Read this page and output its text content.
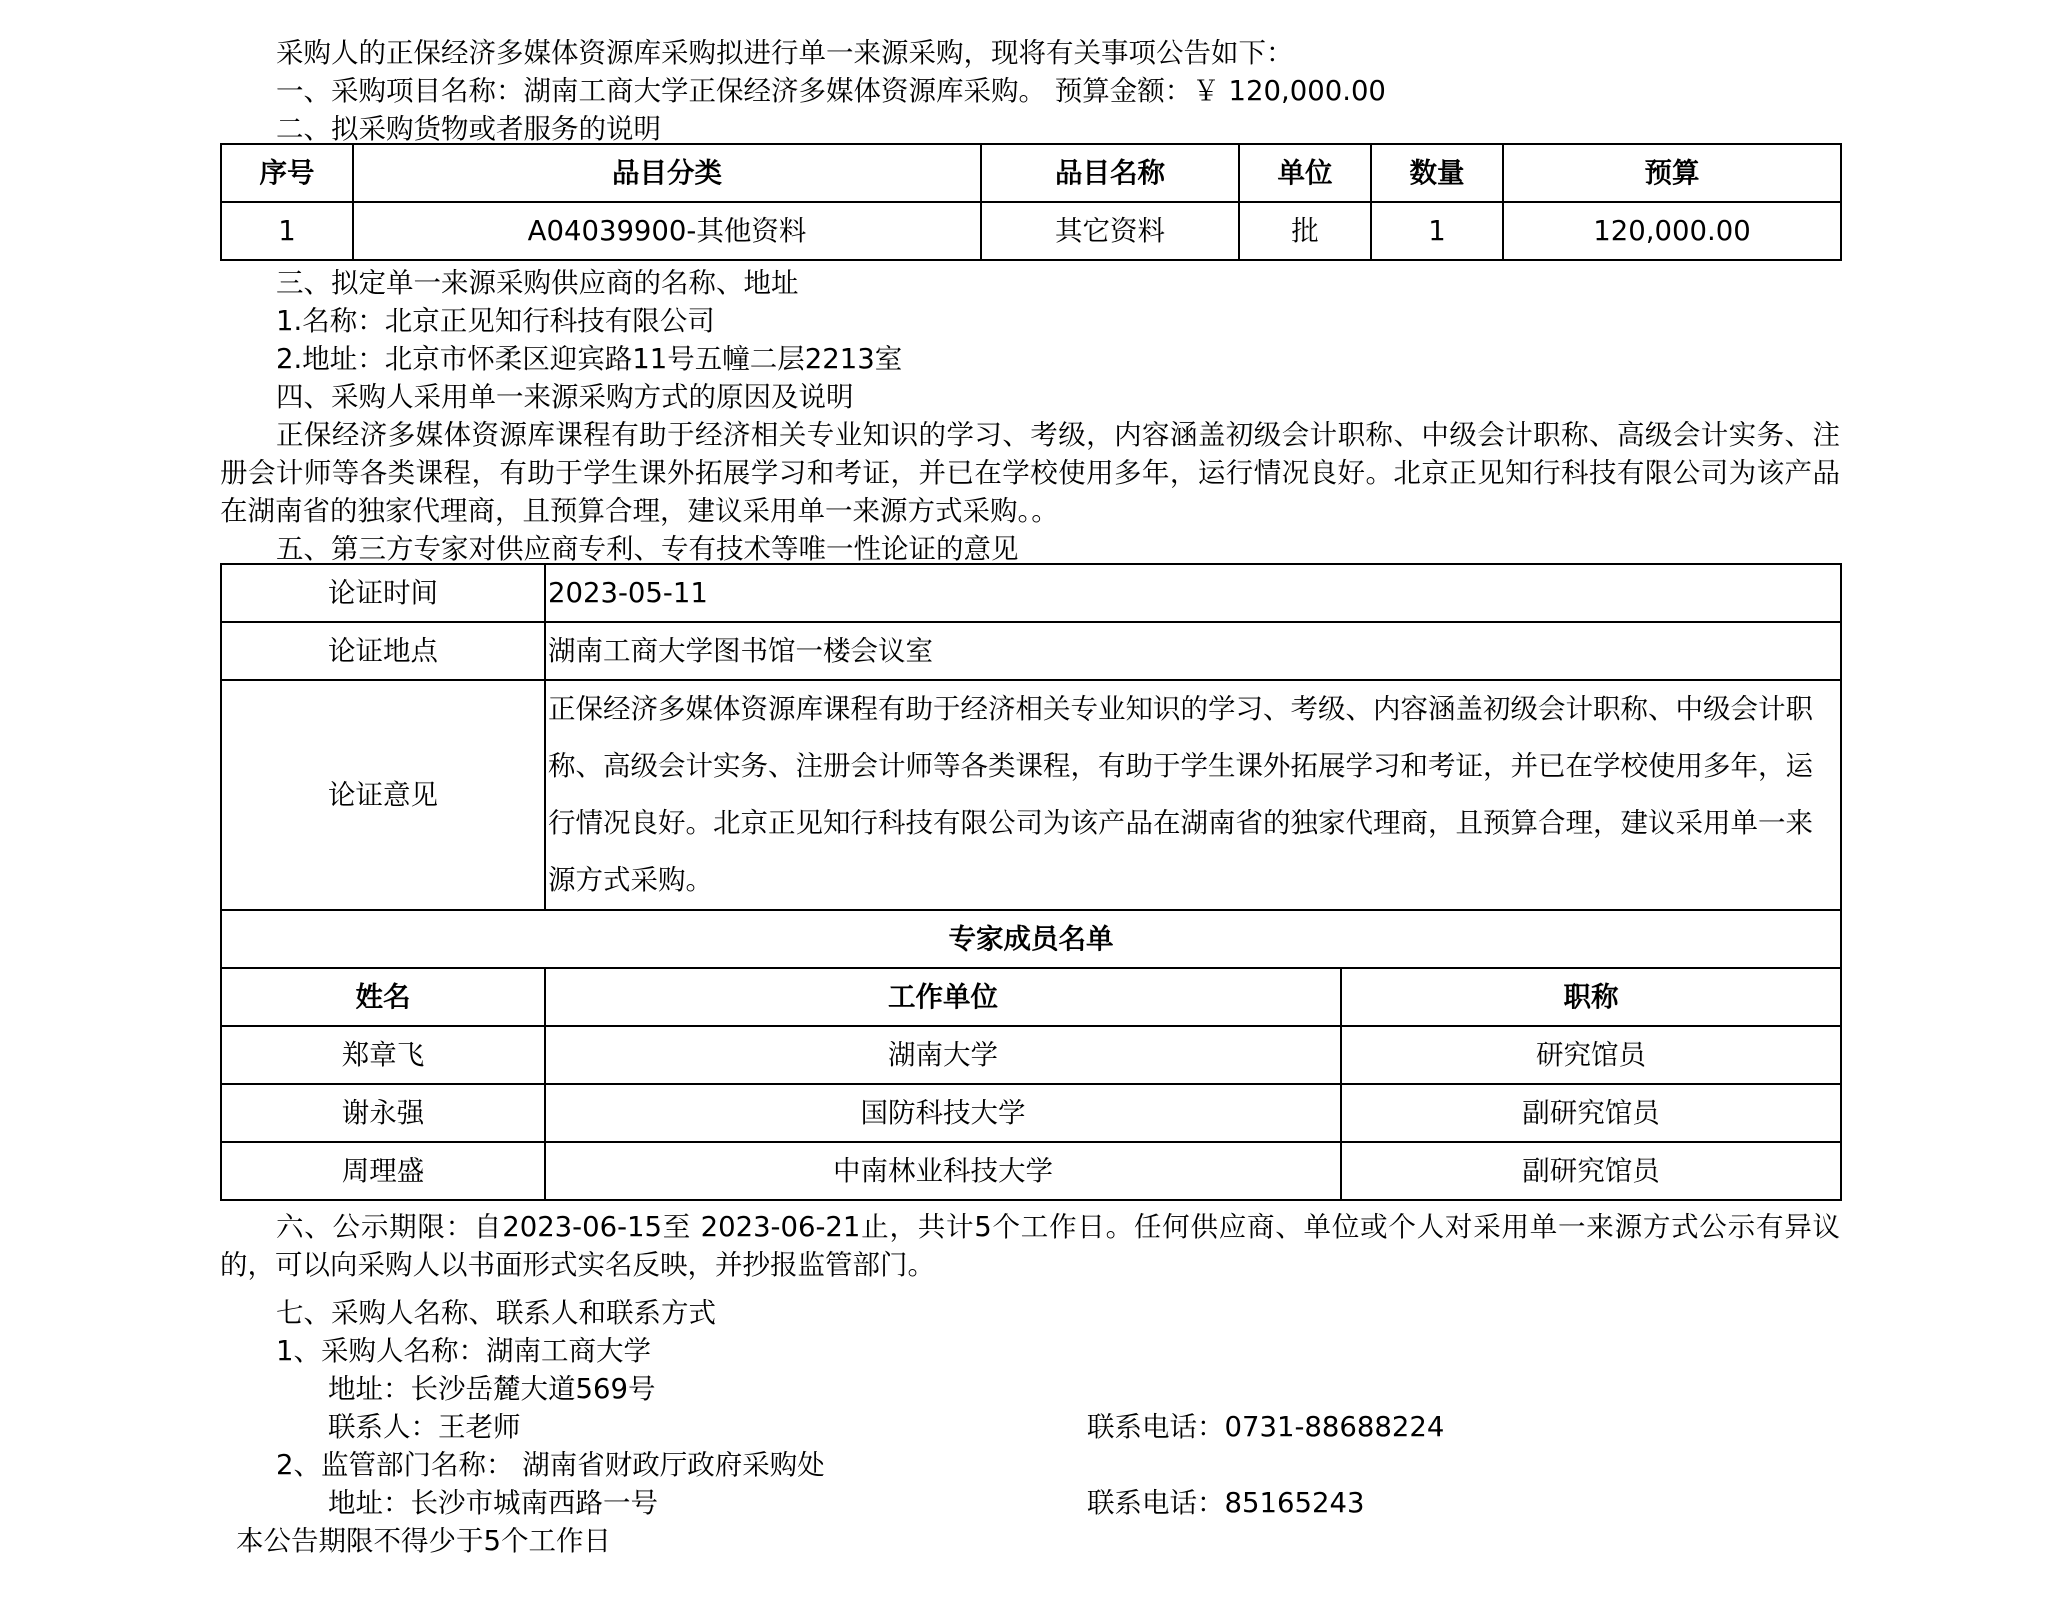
采购人的正保经济多媒体资源库采购拟进行单一来源采购，现将有关事项公告如下：
一、采购项目名称：湖南工商大学正保经济多媒体资源库采购。 预算金额：￥ 120,000.00
二、拟采购货物或者服务的说明
序号	品目分类	品目名称	单位	数量	预算
1	A04039900-其他资料	其它资料	批	1	120,000.00
三、拟定单一来源采购供应商的名称、地址
1.名称：北京正见知行科技有限公司
2.地址：北京市怀柔区迎宾路11号五幢二层2213室
四、采购人采用单一来源采购方式的原因及说明
正保经济多媒体资源库课程有助于经济相关专业知识的学习、考级，内容涵盖初级会计职称、中级会计职称、高级会计实务、注册会计师等各类课程，有助于学生课外拓展学习和考证，并已在学校使用多年，运行情况良好。北京正见知行科技有限公司为该产品在湖南省的独家代理商，且预算合理，建议采用单一来源方式采购。。
五、第三方专家对供应商专利、专有技术等唯一性论证的意见
论证时间	2023-05-11	
论证地点	湖南工商大学图书馆一楼会议室	
论证意见	正保经济多媒体资源库课程有助于经济相关专业知识的学习、考级、内容涵盖初级会计职称、中级会计职称、高级会计实务、注册会计师等各类课程，有助于学生课外拓展学习和考证，并已在学校使用多年，运行情况良好。北京正见知行科技有限公司为该产品在湖南省的独家代理商，且预算合理，建议采用单一来源方式采购。	
专家成员名单		
姓名	工作单位	职称
郑章飞	湖南大学	研究馆员
谢永强	国防科技大学	副研究馆员
周理盛	中南林业科技大学	副研究馆员
六、公示期限：自2023-06-15至 2023-06-21止，共计5个工作日。任何供应商、单位或个人对采用单一来源方式公示有异议的，可以向采购人以书面形式实名反映，并抄报监管部门。
七、采购人名称、联系人和联系方式
1、采购人名称：湖南工商大学
地址：长沙岳麓大道569号
联系人：王老师	联系电话：0731-88688224
2、监管部门名称： 湖南省财政厅政府采购处
地址：长沙市城南西路一号	联系电话：85165243
本公告期限不得少于5个工作日
